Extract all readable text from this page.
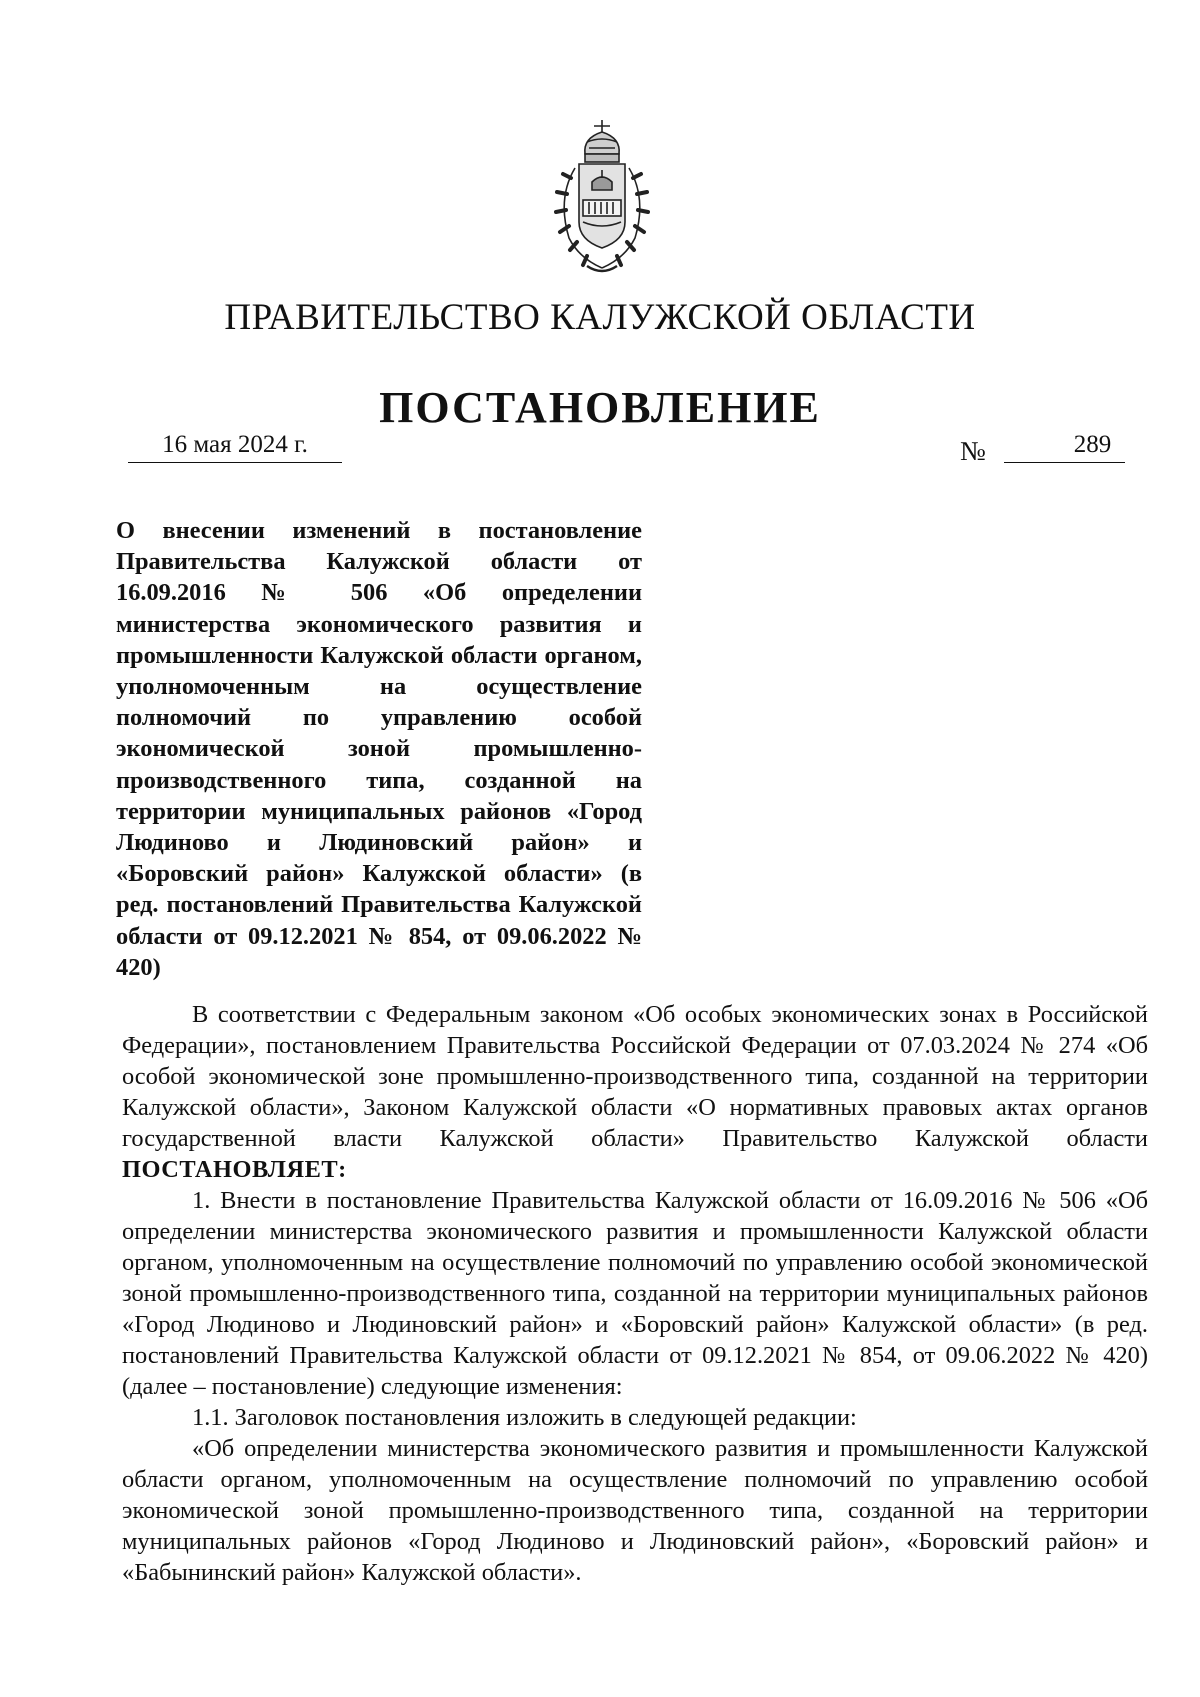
ПРАВИТЕЛЬСТВО КАЛУЖСКОЙ ОБЛАСТИ
ПОСТАНОВЛЕНИЕ
16 мая 2024 г.	№	289

О внесении изменений в постановление Правительства Калужской области от 16.09.2016 № 506 «Об определении министерства экономического развития и промышленности Калужской области органом, уполномоченным на осуществление полномочий по управлению особой экономической зоной промышленно-производственного типа, созданной на территории муниципальных районов «Город Людиново и Людиновский район» и «Боровский район» Калужской области» (в ред. постановлений Правительства Калужской области от 09.12.2021 № 854, от 09.06.2022 № 420)

В соответствии с Федеральным законом «Об особых экономических зонах в Российской Федерации», постановлением Правительства Российской Федерации от 07.03.2024 № 274 «Об особой экономической зоне промышленно-производственного типа, созданной на территории Калужской области», Законом Калужской области «О нормативных правовых актах органов государственной власти Калужской области» Правительство Калужской области ПОСТАНОВЛЯЕТ:

1. Внести в постановление Правительства Калужской области от 16.09.2016 № 506 «Об определении министерства экономического развития и промышленности Калужской области органом, уполномоченным на осуществление полномочий по управлению особой экономической зоной промышленно-производственного типа, созданной на территории муниципальных районов «Город Людиново и Людиновский район» и «Боровский район» Калужской области» (в ред. постановлений Правительства Калужской области от 09.12.2021 № 854, от 09.06.2022 № 420) (далее – постановление) следующие изменения:

1.1. Заголовок постановления изложить в следующей редакции:

«Об определении министерства экономического развития и промышленности Калужской области органом, уполномоченным на осуществление полномочий по управлению особой экономической зоной промышленно-производственного типа, созданной на территории муниципальных районов «Город Людиново и Людиновский район», «Боровский район» и «Бабынинский район» Калужской области».
